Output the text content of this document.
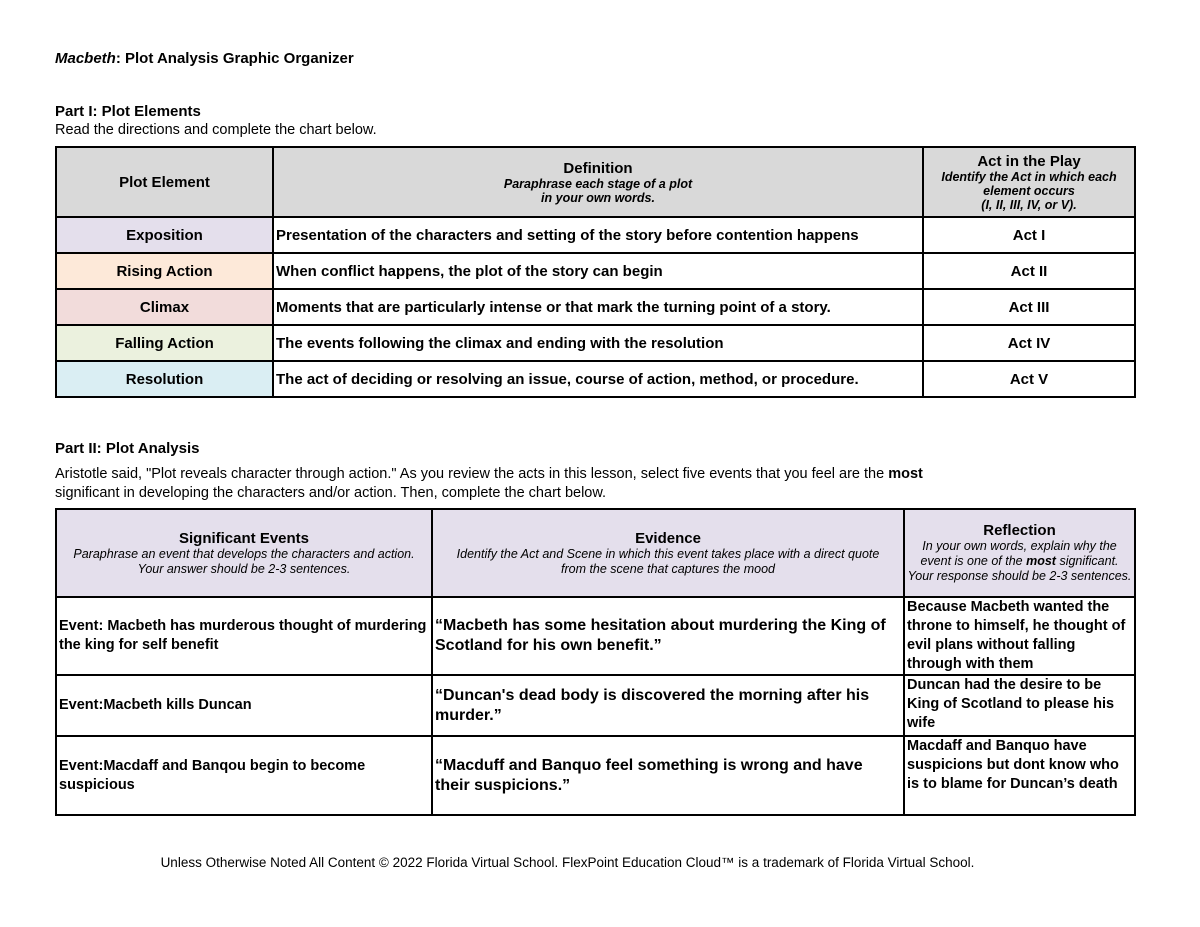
Macbeth: Plot Analysis Graphic Organizer
Part I: Plot Elements
Read the directions and complete the chart below.
Plot Element	Definition
Paraphrase each stage of a plot
in your own words.	Act in the Play
Identify the Act in which each element occurs
(I, II, III, IV, or V).

Exposition	Presentation of the characters and setting of the story before contention happens	Act I
Rising Action	When conflict happens, the plot of the story can begin	Act II
Climax	Moments that are particularly intense or that mark the turning point of a story.	Act III
Falling Action	The events following the climax and ending with the resolution	Act IV
Resolution	The act of deciding or resolving an issue, course of action, method, or procedure.	Act V
Part II: Plot Analysis
Aristotle said, "Plot reveals character through action." As you review the acts in this lesson, select five events that you feel are the most
significant in developing the characters and/or action. Then, complete the chart below.
Significant Events
Paraphrase an event that develops the characters and action.
Your answer should be 2-3 sentences.	Evidence
Identify the Act and Scene in which this event takes place with a direct quote
from the scene that captures the mood	Reflection
In your own words, explain why the event is one of the most significant. Your response should be 2-3 sentences.

Event: Macbeth has murderous thought of murdering the king for self benefit	“Macbeth has some hesitation about murdering the King of Scotland for his own benefit.”	Because Macbeth wanted the throne to himself, he thought of evil plans without falling through with them
Event:Macbeth kills Duncan	“Duncan's dead body is discovered the morning after his murder.”	Duncan had the desire to be King of Scotland to please his wife
Event:Macdaff and Banqou begin to become suspicious	“Macduff and Banquo feel something is wrong and have their suspicions.”	Macdaff and Banquo have suspicions but dont know who is to blame for Duncan’s death
Unless Otherwise Noted All Content © 2022 Florida Virtual School. FlexPoint Education Cloud™ is a trademark of Florida Virtual School.
